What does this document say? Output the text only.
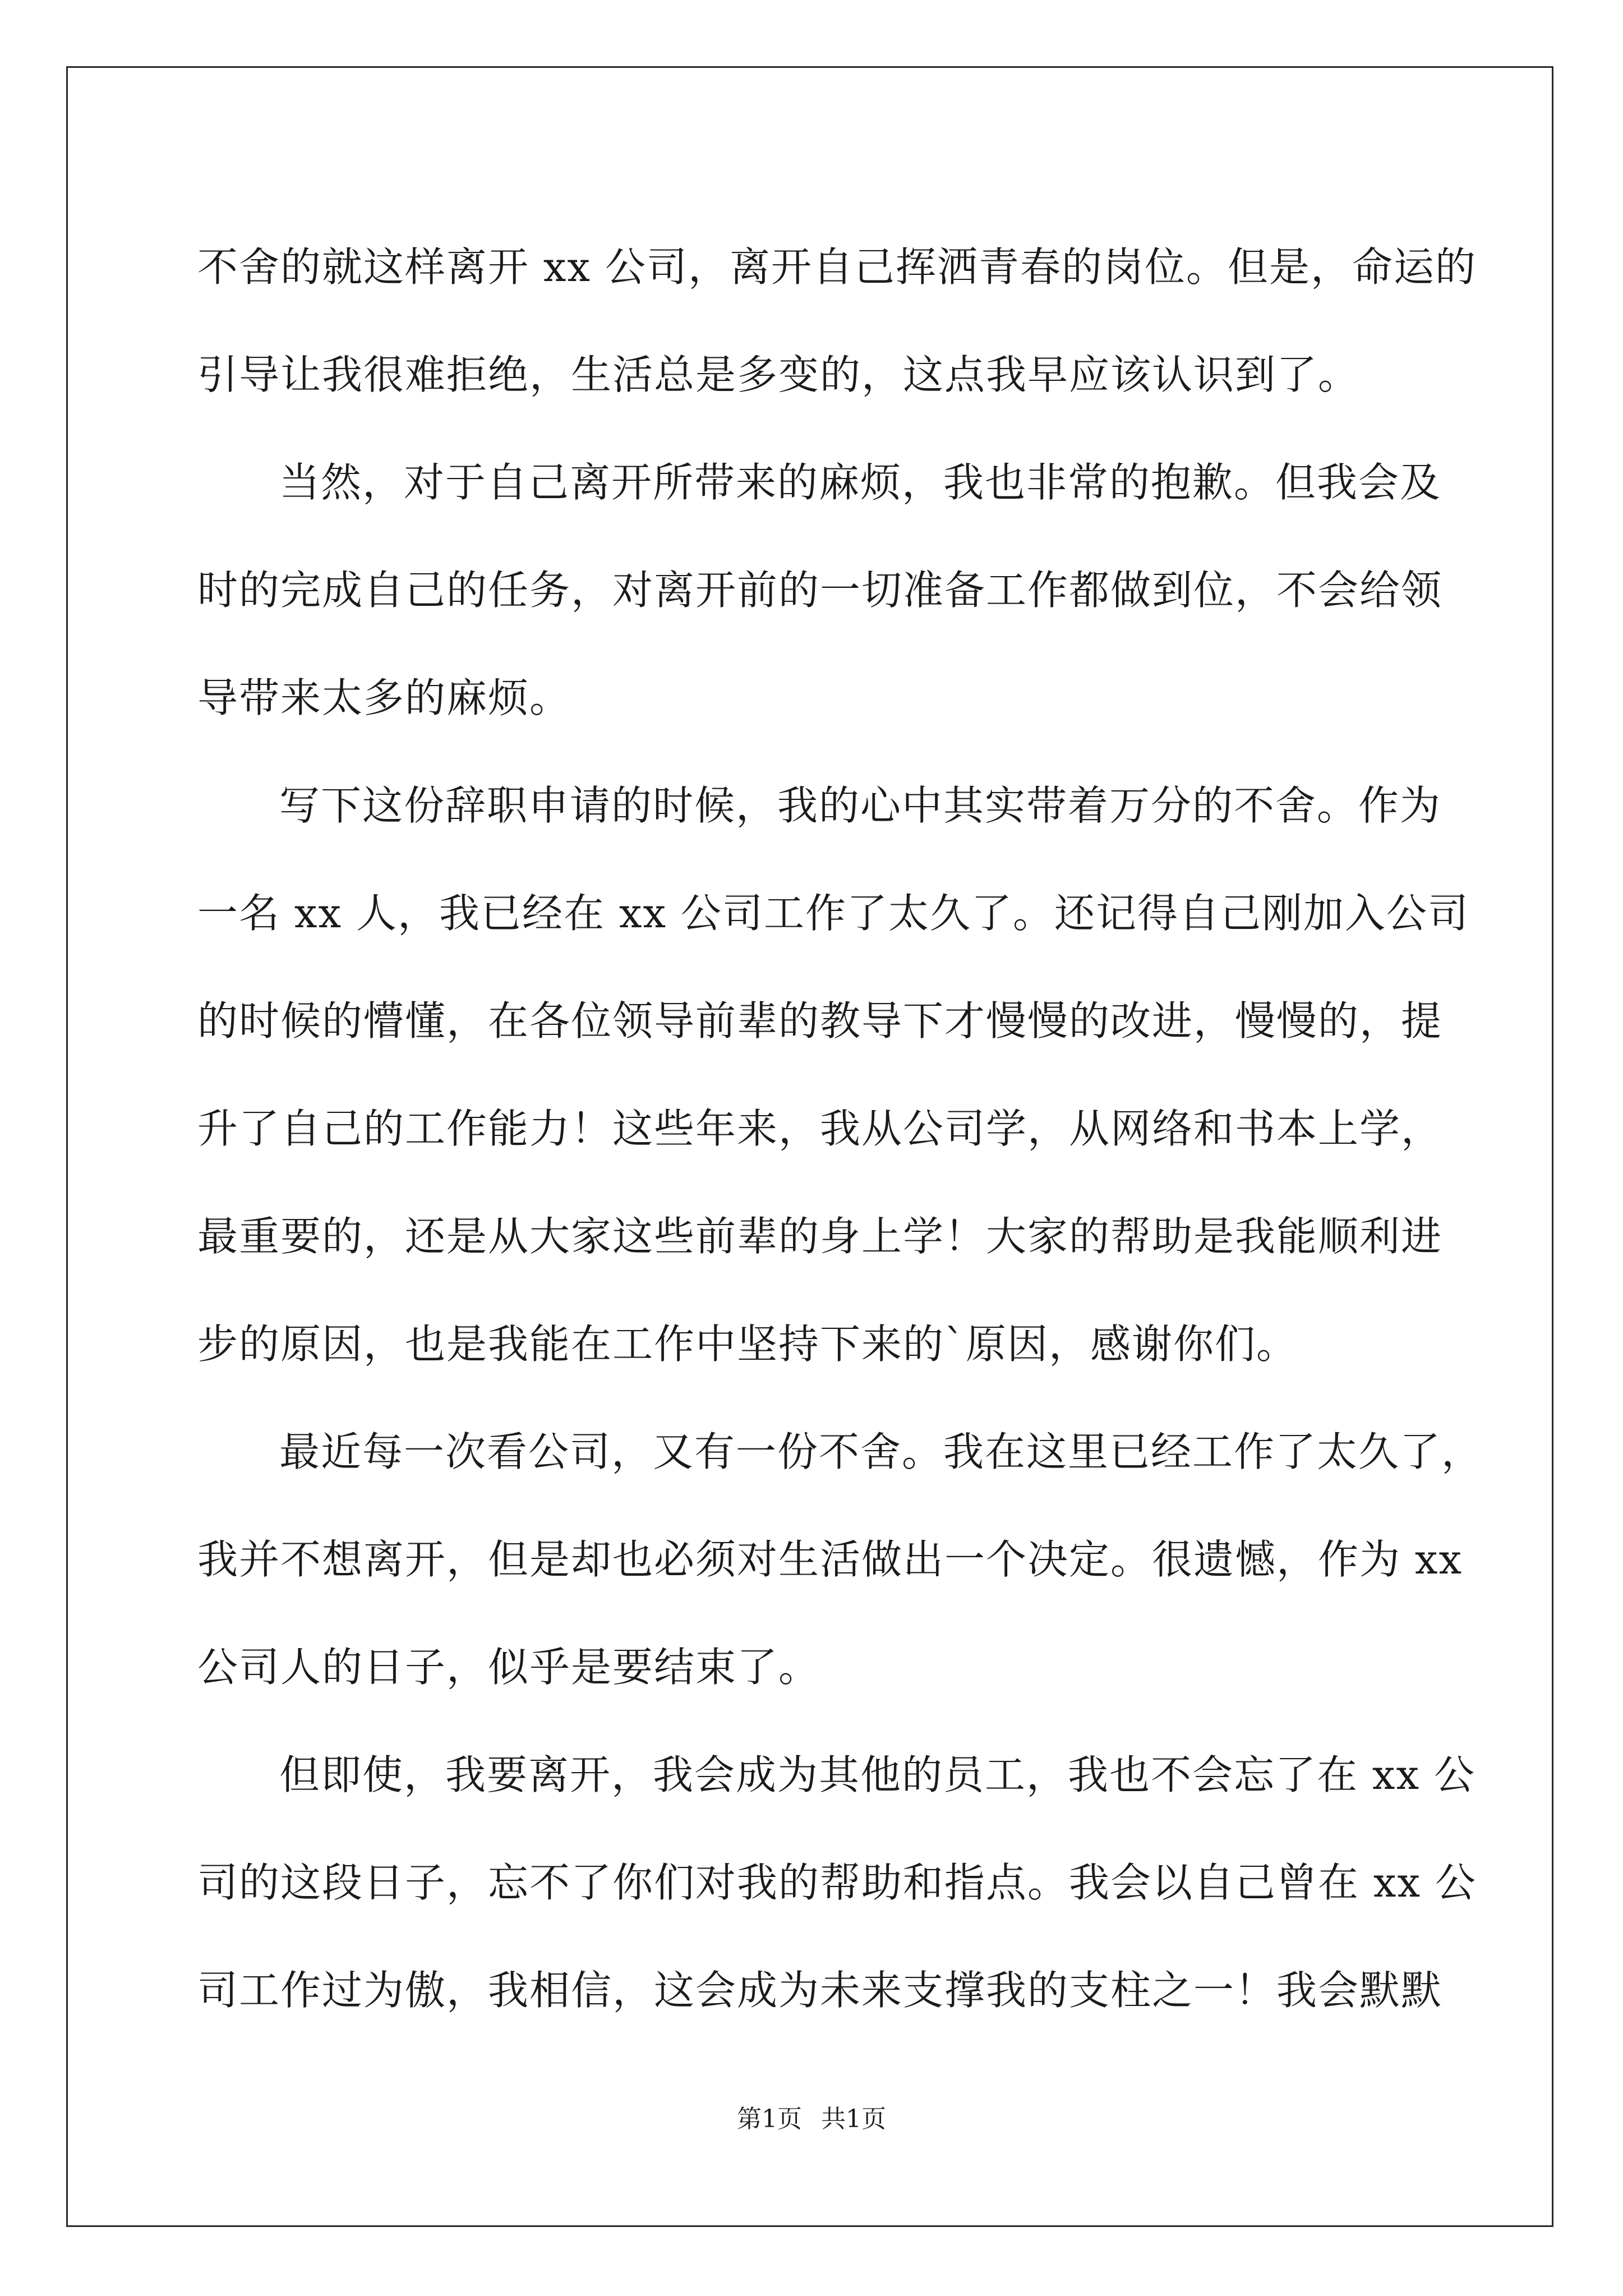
不舍的就这样离开 xx 公司，离开自己挥洒青春的岗位。但是，命运的
引导让我很难拒绝，生活总是多变的，这点我早应该认识到了。
当然，对于自己离开所带来的麻烦，我也非常的抱歉。但我会及
时的完成自己的任务，对离开前的一切准备工作都做到位，不会给领
导带来太多的麻烦。
写下这份辞职申请的时候，我的心中其实带着万分的不舍。作为
一名 xx 人，我已经在 xx 公司工作了太久了。还记得自己刚加入公司
的时候的懵懂，在各位领导前辈的教导下才慢慢的改进，慢慢的，提
升了自己的工作能力！这些年来，我从公司学，从网络和书本上学，
最重要的，还是从大家这些前辈的身上学！大家的帮助是我能顺利进
步的原因，也是我能在工作中坚持下来的`原因，感谢你们。
最近每一次看公司，又有一份不舍。我在这里已经工作了太久了，
我并不想离开，但是却也必须对生活做出一个决定。很遗憾，作为 xx
公司人的日子，似乎是要结束了。
但即使，我要离开，我会成为其他的员工，我也不会忘了在 xx 公
司的这段日子，忘不了你们对我的帮助和指点。我会以自己曾在 xx 公
司工作过为傲，我相信，这会成为未来支撑我的支柱之一！我会默默
第1页 共1页
